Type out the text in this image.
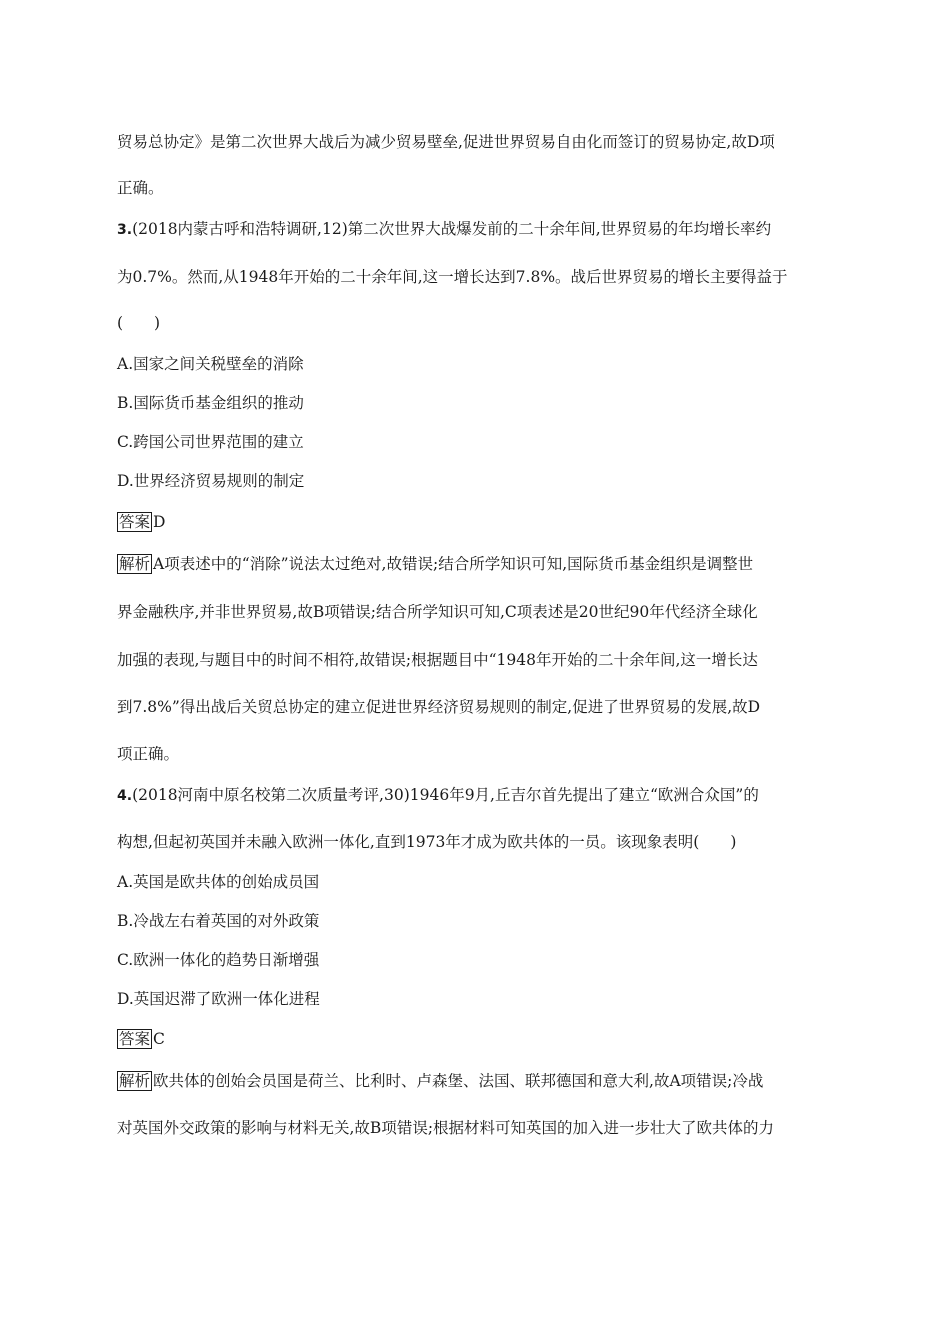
贸易总协定》是第二次世界大战后为减少贸易壁垒,促进世界贸易自由化而签订的贸易协定,故D项
正确。
3.(2018内蒙古呼和浩特调研,12)第二次世界大战爆发前的二十余年间,世界贸易的年均增长率约
为0.7%。然而,从1948年开始的二十余年间,这一增长达到7.8%。战后世界贸易的增长主要得益于
(　　)
A.国家之间关税壁垒的消除
B.国际货币基金组织的推动
C.跨国公司世界范围的建立
D.世界经济贸易规则的制定
答案 D
解析 A项表述中的“消除”说法太过绝对,故错误;结合所学知识可知,国际货币基金组织是调整世
界金融秩序,并非世界贸易,故B项错误;结合所学知识可知,C项表述是20世纪90年代经济全球化
加强的表现,与题目中的时间不相符,故错误;根据题目中“1948年开始的二十余年间,这一增长达
到7.8%”得出战后关贸总协定的建立促进世界经济贸易规则的制定,促进了世界贸易的发展,故D
项正确。
4.(2018河南中原名校第二次质量考评,30)1946年9月,丘吉尔首先提出了建立“欧洲合众国”的
构想,但起初英国并未融入欧洲一体化,直到1973年才成为欧共体的一员。该现象表明(　　)
A.英国是欧共体的创始成员国
B.冷战左右着英国的对外政策
C.欧洲一体化的趋势日渐增强
D.英国迟滞了欧洲一体化进程
答案 C
解析 欧共体的创始会员国是荷兰、比利时、卢森堡、法国、联邦德国和意大利,故A项错误;冷战
对英国外交政策的影响与材料无关,故B项错误;根据材料可知英国的加入进一步壮大了欧共体的力
